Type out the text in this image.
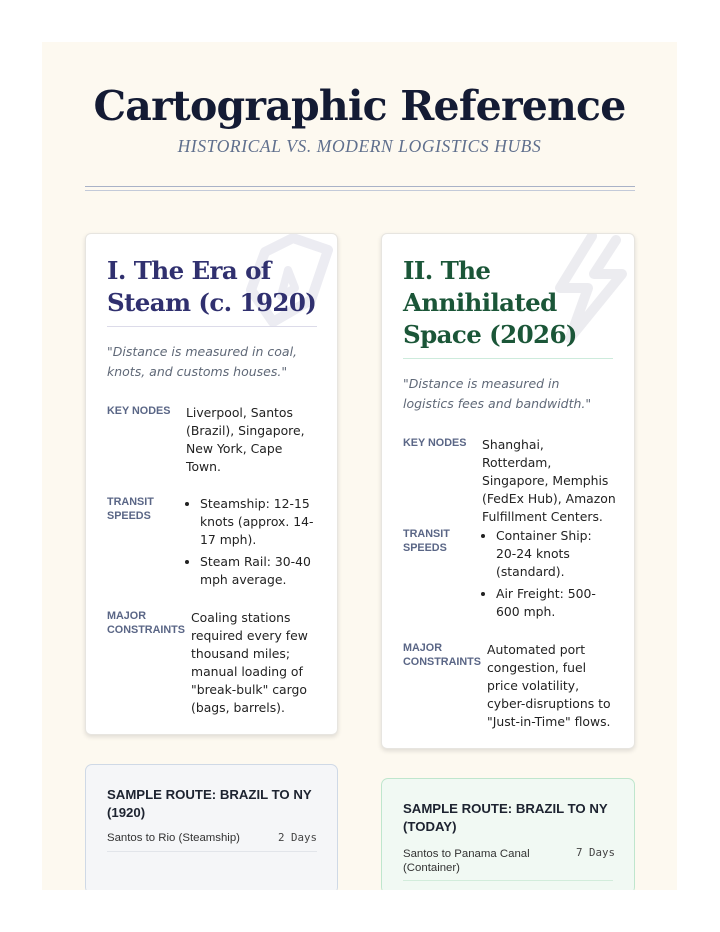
Cartographic Reference
HISTORICAL VS. MODERN LOGISTICS HUBS
I. The Era of Steam (c. 1920)
"Distance is measured in coal, knots, and customs houses."
KEY NODES	Liverpool, Santos (Brazil), Singapore, New York, Cape Town.
TRANSIT SPEEDS
• Steamship: 12-15 knots (approx. 14-17 mph).
• Steam Rail: 30-40 mph average.
MAJOR CONSTRAINTS
Coaling stations required every few thousand miles; manual loading of "break-bulk" cargo (bags, barrels).
II. The Annihilated Space (2026)
"Distance is measured in logistics fees and bandwidth."
KEY NODES	Shanghai, Rotterdam, Singapore, Memphis (FedEx Hub), Amazon Fulfillment Centers.
TRANSIT SPEEDS
• Container Ship: 20-24 knots (standard).
• Air Freight: 500-600 mph.
MAJOR CONSTRAINTS
Automated port congestion, fuel price volatility, cyber-disruptions to "Just-in-Time" flows.
SAMPLE ROUTE: BRAZIL TO NY (1920)
Santos to Rio (Steamship)	2 Days
SAMPLE ROUTE: BRAZIL TO NY (TODAY)
Santos to Panama Canal (Container)
7 Days
